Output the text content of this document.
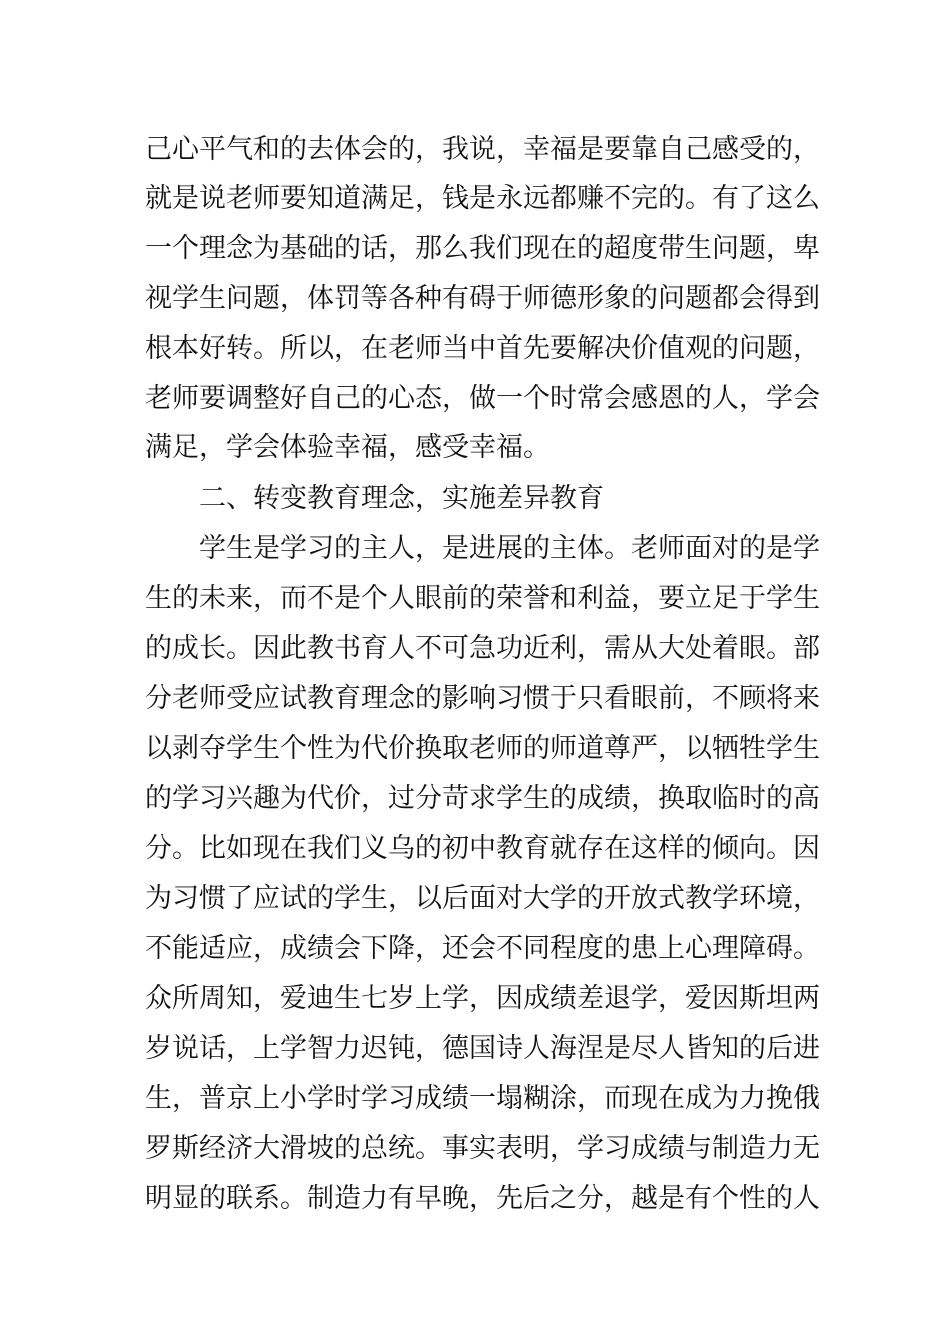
己心平气和的去体会的，我说，幸福是要靠自己感受的，

就是说老师要知道满足，钱是永远都赚不完的。有了这么

一个理念为基础的话，那么我们现在的超度带生问题，卑

视学生问题，体罚等各种有碍于师德形象的问题都会得到

根本好转。所以，在老师当中首先要解决价值观的问题，

老师要调整好自己的心态，做一个时常会感恩的人，学会

满足，学会体验幸福，感受幸福。

二、转变教育理念，实施差异教育

学生是学习的主人，是进展的主体。老师面对的是学

生的未来，而不是个人眼前的荣誉和利益，要立足于学生

的成长。因此教书育人不可急功近利，需从大处着眼。部

分老师受应试教育理念的影响习惯于只看眼前，不顾将来

以剥夺学生个性为代价换取老师的师道尊严，以牺牲学生

的学习兴趣为代价，过分苛求学生的成绩，换取临时的高

分。比如现在我们义乌的初中教育就存在这样的倾向。因

为习惯了应试的学生，以后面对大学的开放式教学环境，

不能适应，成绩会下降，还会不同程度的患上心理障碍。

众所周知，爱迪生七岁上学，因成绩差退学，爱因斯坦两

岁说话，上学智力迟钝，德国诗人海涅是尽人皆知的后进

生，普京上小学时学习成绩一塌糊涂，而现在成为力挽俄

罗斯经济大滑坡的总统。事实表明，学习成绩与制造力无

明显的联系。制造力有早晚，先后之分，越是有个性的人
